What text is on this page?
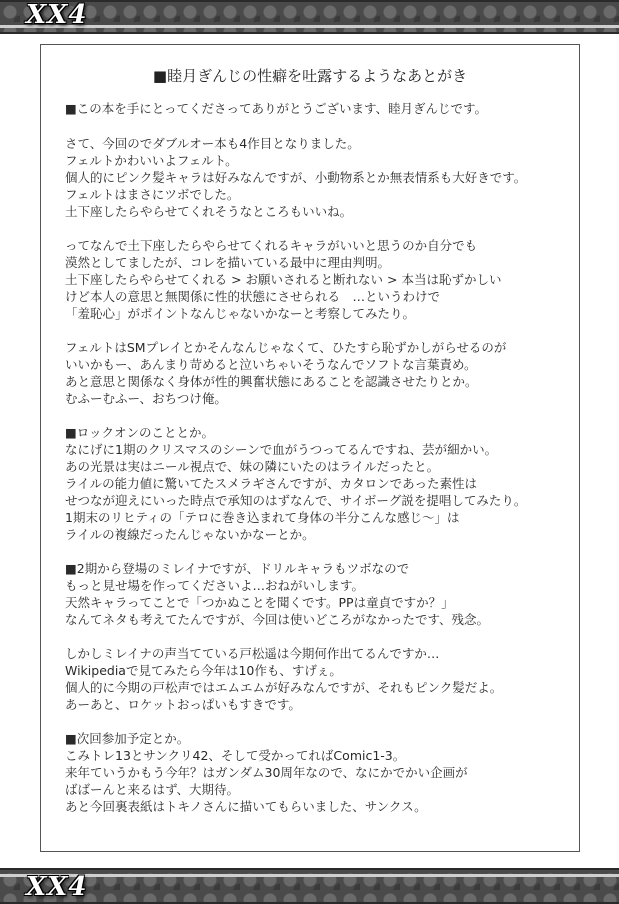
XX4
■睦月ぎんじの性癖を吐露するようなあとがき
■この本を手にとってくださってありがとうございます、睦月ぎんじです。
さて、今回のでダブルオー本も4作目となりました。
フェルトかわいいよフェルト。
個人的にピンク髪キャラは好みなんですが、小動物系とか無表情系も大好きです。
フェルトはまさにツボでした。
土下座したらやらせてくれそうなところもいいね。
ってなんで土下座したらやらせてくれるキャラがいいと思うのか自分でも
漠然としてましたが、コレを描いている最中に理由判明。
土下座したらやらせてくれる > お願いされると断れない > 本当は恥ずかしい
けど本人の意思と無関係に性的状態にさせられる　…というわけで
「羞恥心」がポイントなんじゃないかなーと考察してみたり。
フェルトはSMプレイとかそんなんじゃなくて、ひたすら恥ずかしがらせるのが
いいかもー、あんまり苛めると泣いちゃいそうなんでソフトな言葉責め。
あと意思と関係なく身体が性的興奮状態にあることを認識させたりとか。
むふーむふー、おちつけ俺。
■ロックオンのこととか。
なにげに1期のクリスマスのシーンで血がうつってるんですね、芸が細かい。
あの光景は実はニール視点で、妹の隣にいたのはライルだったと。
ライルの能力値に驚いてたスメラギさんですが、カタロンであった素性は
せつなが迎えにいった時点で承知のはずなんで、サイボーグ説を提唱してみたり。
1期末のリヒティの「テロに巻き込まれて身体の半分こんな感じ～」は
ライルの複線だったんじゃないかなーとか。
■2期から登場のミレイナですが、ドリルキャラもツボなので
もっと見せ場を作ってくださいよ…おねがいします。
天然キャラってことで「つかぬことを聞くです。PPは童貞ですか？」
なんてネタも考えてたんですが、今回は使いどころがなかったです、残念。
しかしミレイナの声当てている戸松遥は今期何作出てるんですか…
Wikipediaで見てみたら今年は10作も、すげぇ。
個人的に今期の戸松声ではエムエムが好みなんですが、それもピンク髪だよ。
あーあと、ロケットおっぱいもすきです。
■次回参加予定とか。
こみトレ13とサンクリ42、そして受かってればComic1-3。
来年ていうかもう今年？はガンダム30周年なので、なにかでかい企画が
ばばーんと来るはず、大期待。
あと今回裏表紙はトキノさんに描いてもらいました、サンクス。
XX4
